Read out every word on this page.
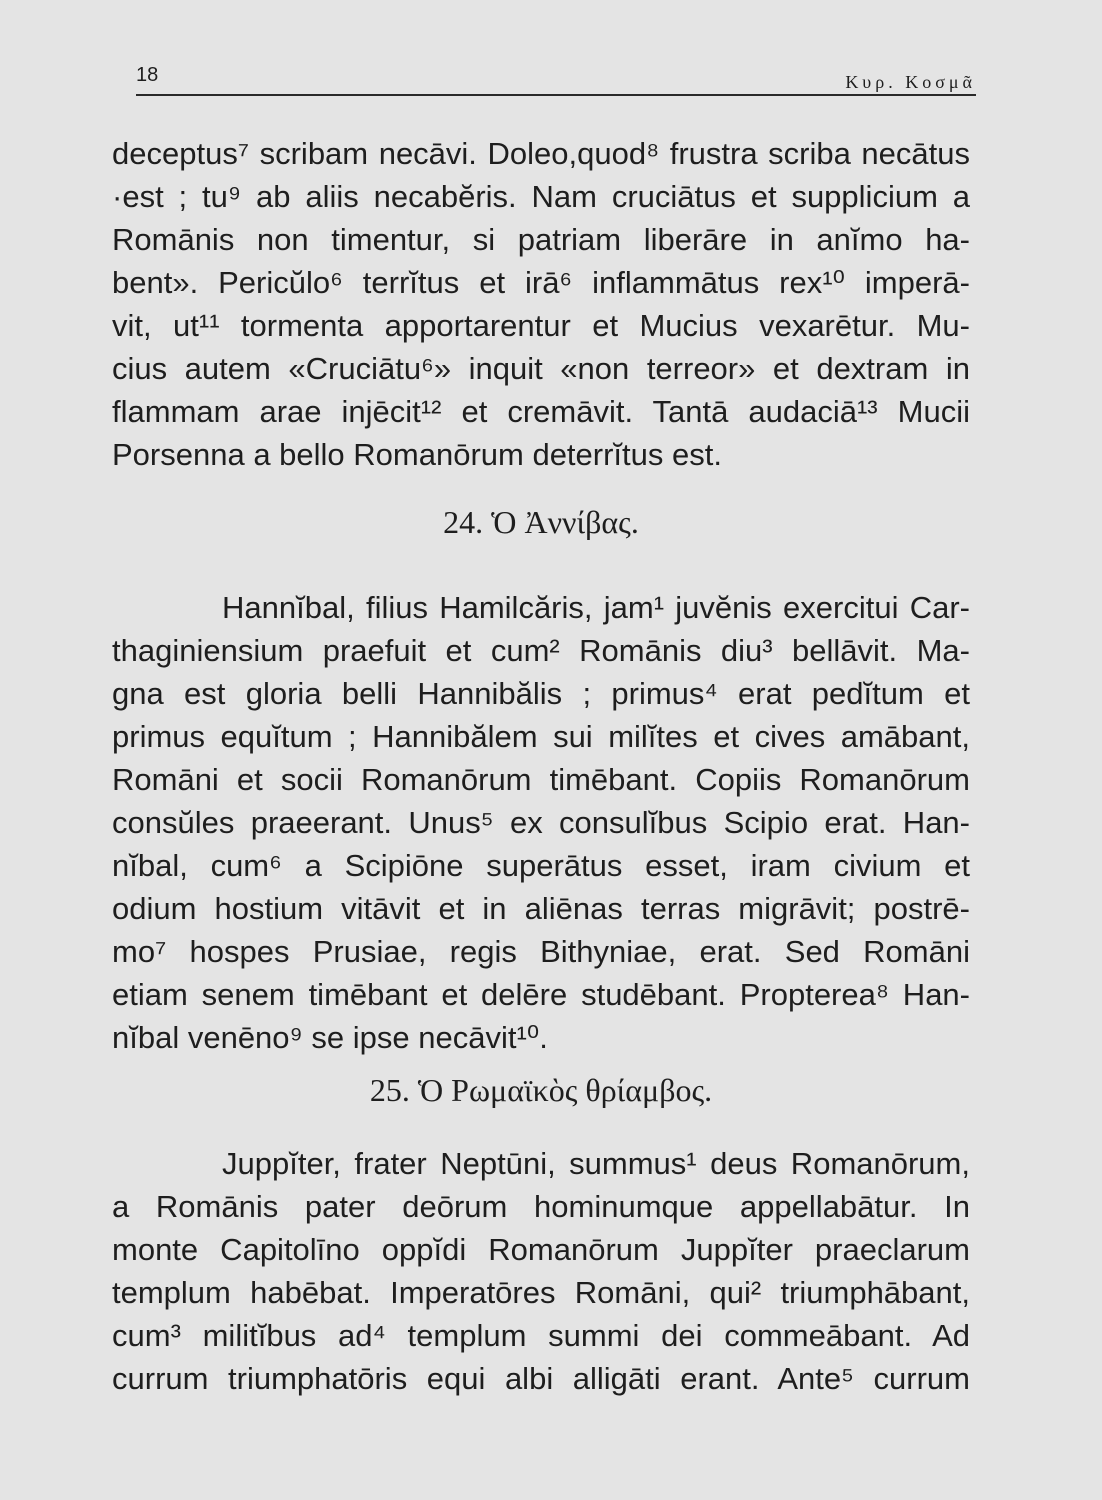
18	Κυρ. Κοσμᾶ
deceptus⁷ scribam necāvi. Doleo,quod⁸ frustra scriba necātus
·est ; tu⁹ ab aliis necabĕris. Nam cruciātus et supplicium a
Romānis non timentur, si patriam liberāre in anĭmo ha-
bent». Pericŭlo⁶ terrĭtus et irā⁶ inflammātus rex¹⁰ imperā-
vit, ut¹¹ tormenta apportarentur et Mucius vexarētur. Mu-
cius autem «Cruciātu⁶» inquit «non terreor» et dextram in
flammam arae injēcit¹² et cremāvit. Tantā audaciā¹³ Mucii
Porsenna a bello Romanōrum deterrĭtus est.
24. Ὁ Ἀννίβας.
Hannĭbal, filius Hamilcăris, jam¹ juvĕnis exercitui Car-
thaginiensium praefuit et cum² Romānis diu³ bellāvit. Ma-
gna est gloria belli Hannibălis ; primus⁴ erat pedĭtum et
primus equĭtum ; Hannibălem sui milĭtes et cives amābant,
Romāni et socii Romanōrum timēbant. Copiis Romanōrum
consŭles praeerant. Unus⁵ ex consulĭbus Scipio erat. Han-
nĭbal, cum⁶ a Scipiōne superātus esset, iram civium et
odium hostium vitāvit et in aliēnas terras migrāvit; postrē-
mo⁷ hospes Prusiae, regis Bithyniae, erat. Sed Romāni
etiam senem timēbant et delēre studēbant. Propterea⁸ Han-
nĭbal venēno⁹ se ipse necāvit¹⁰.
25. Ὁ Ρωμαϊκὸς θρίαμβος.
Juppĭter, frater Neptūni, summus¹ deus Romanōrum,
a Romānis pater deōrum hominumque appellabātur. In
monte Capitolīno oppĭdi Romanōrum Juppĭter praeclarum
templum habēbat. Imperatōres Romāni, qui² triumphābant,
cum³ militĭbus ad⁴ templum summi dei commeābant. Ad
currum triumphatōris equi albi alligāti erant. Ante⁵ currum
